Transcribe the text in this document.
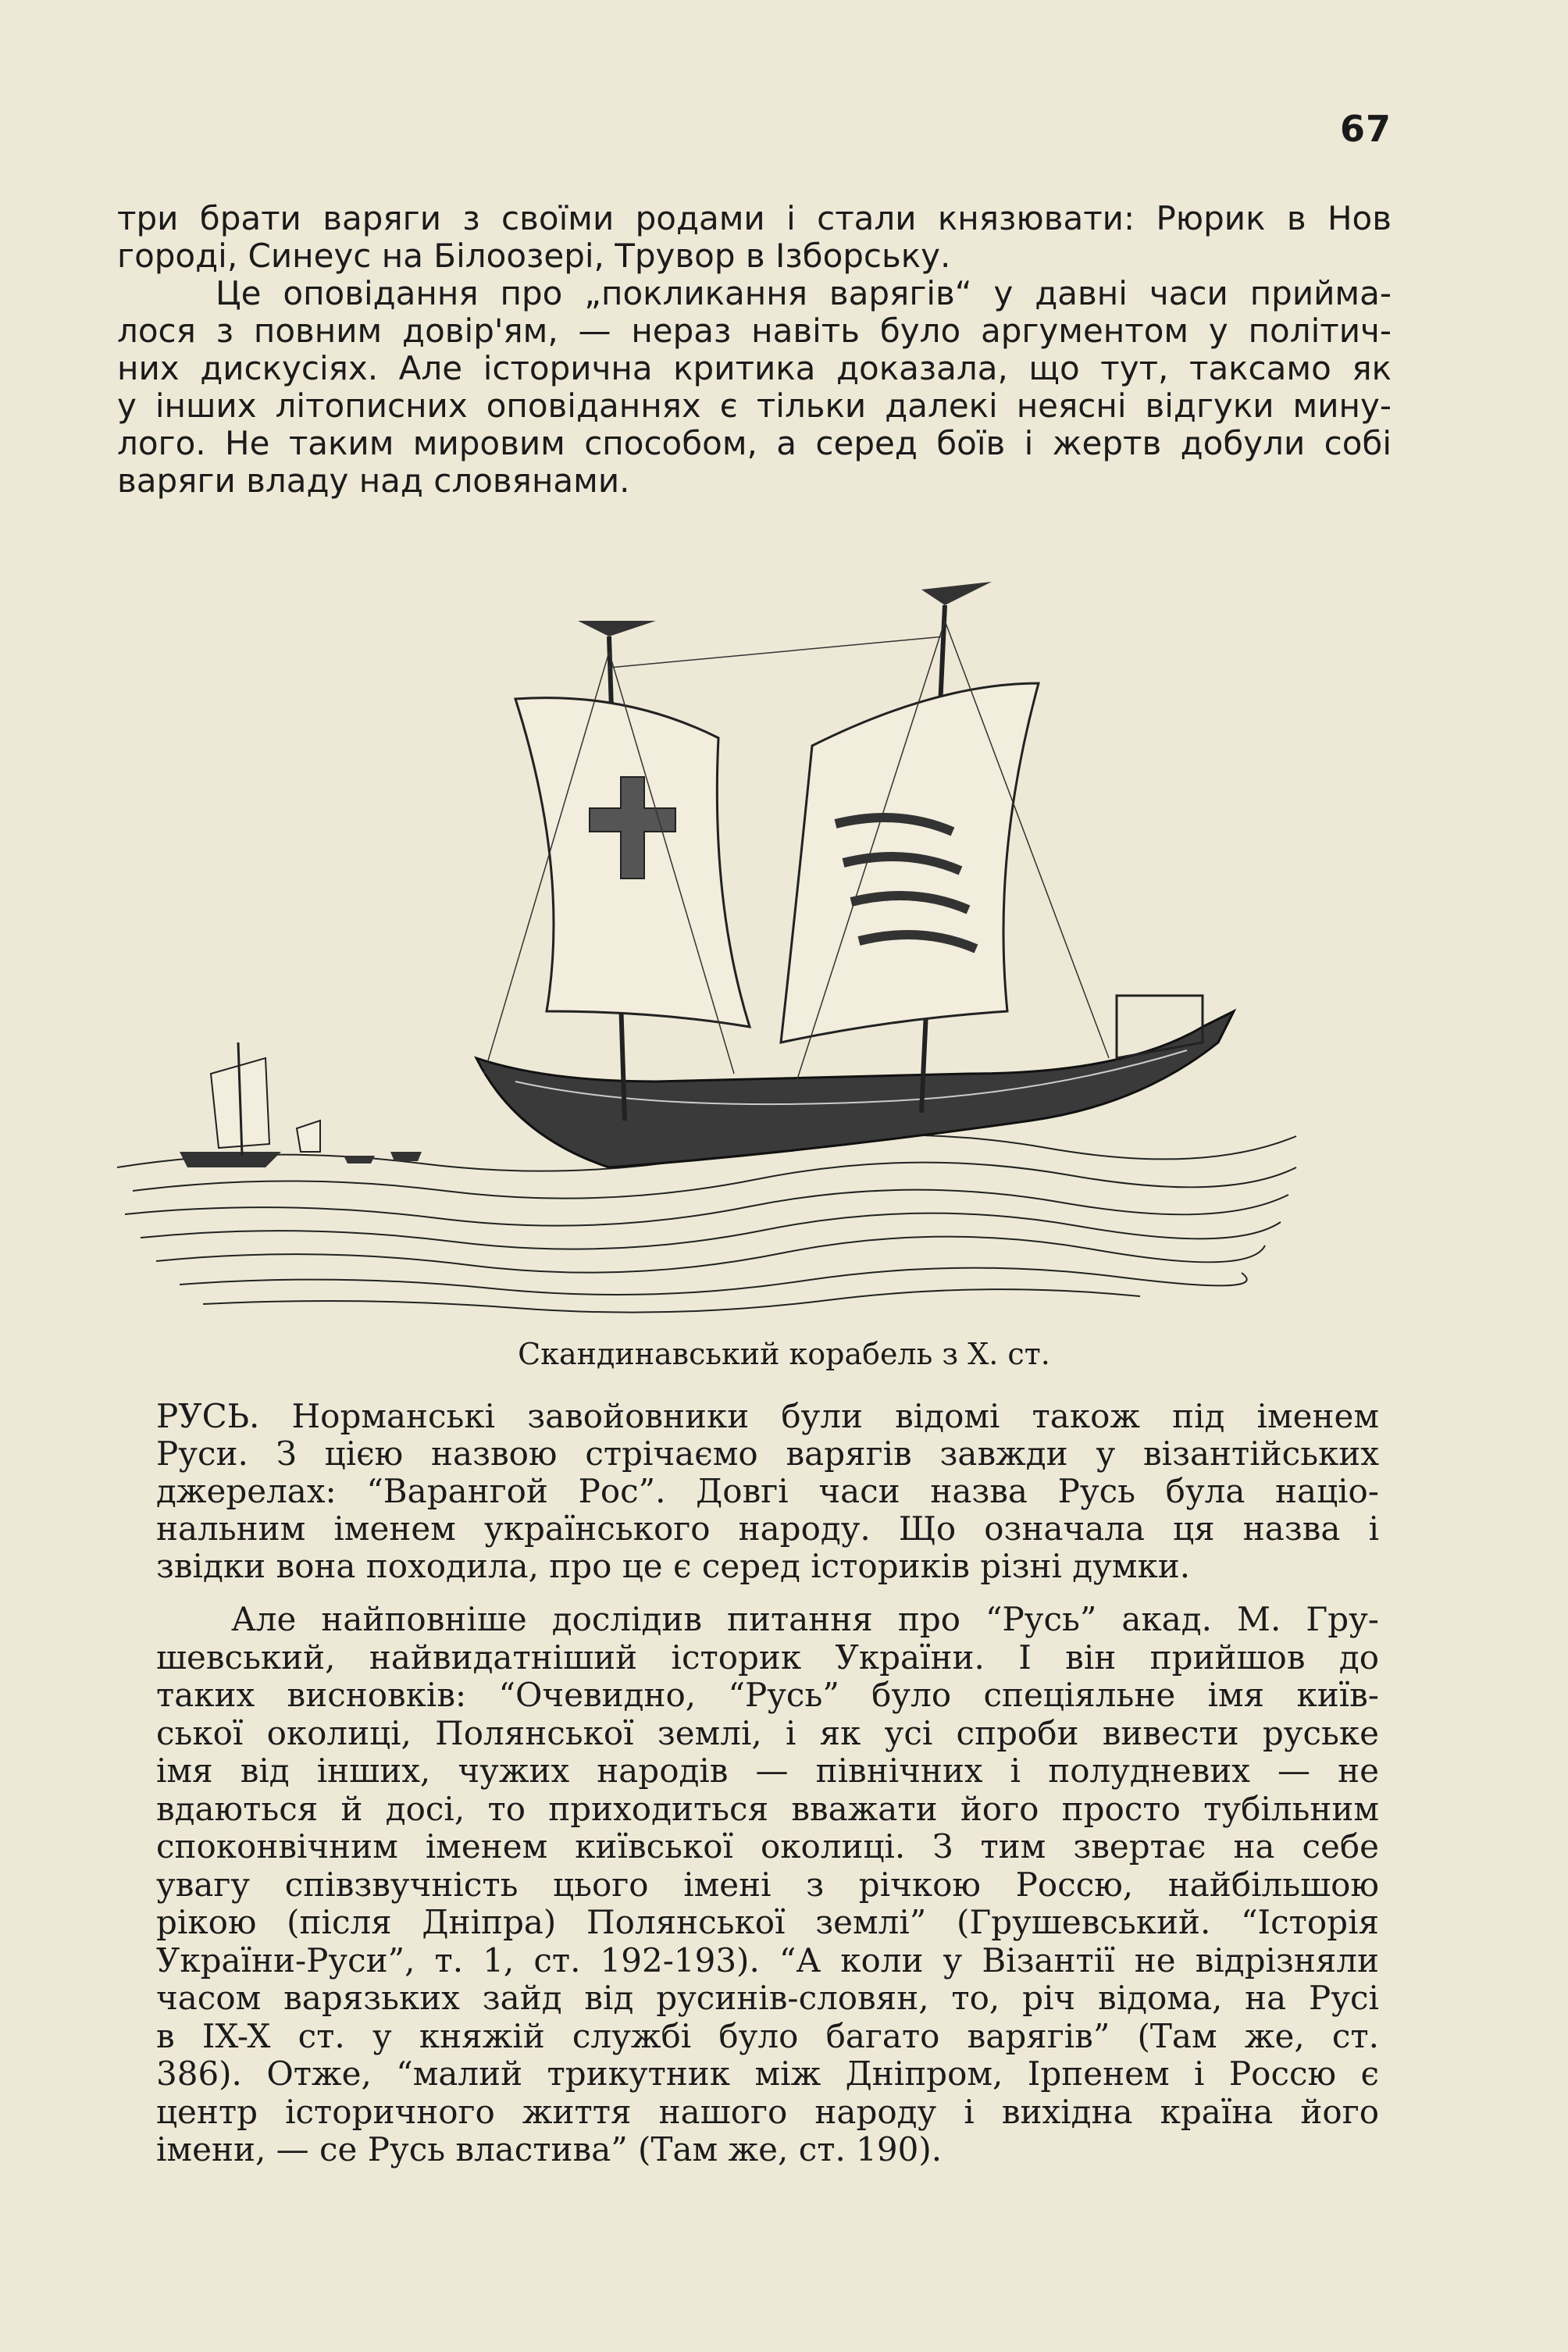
67
три брати варяги з своїми родами і стали князювати: Рюрик в Нов
городі, Синеус на Білоозері, Трувор в Ізборську.
Це оповідання про „покликання варягів“ у давні часи приймa-
лося з повним довір'ям, — нераз навіть було аргументом у політич-
них дискусіях. Але історична критика доказала, що тут, таксамо як
у інших літописних оповіданнях є тільки далекі неясні відгуки мину-
лого. Не таким мировим способом, а серед боїв і жертв добули собі
варяги владу над словянами.
Скандинавський корабель з X. ст.
РУСЬ. Норманські завойовники були відомі також під іменем
Руси. З цією назвою стрічаємо варягів завжди у візантійських
джерелах: “Варангой Рос”. Довгі часи назва Русь була націо-
нальним іменем українського народу. Що означала ця назва і
звідки вона походила, про це є серед істориків різні думки.
Але найповніше дослідив питання про “Русь” акад. М. Гру-
шевський, найвидатніший історик України. І він прийшов до
таких висновків: “Очевидно, “Русь” було спеціяльне імя київ-
ської околиці, Полянської землі, і як усі спроби вивести руське
імя від інших, чужих народів — північних і полудневих — не
вдаються й досі, то приходиться вважати його просто тубільним
споконвічним іменем київської околиці. З тим звертає на себе
увагу співзвучність цього імені з річкою Россю, найбільшою
рікою (після Дніпра) Полянської землі” (Грушевський. “Історія
України-Руси”, т. 1, ст. 192-193). “А коли у Візантії не відрізняли
часом варязьких зайд від русинів-словян, то, річ відома, на Русі
в IX-X ст. у княжій службі було багато варягів” (Там же, ст.
386). Отже, “малий трикутник між Дніпром, Ірпенем і Россю є
центр історичного життя нашого народу і вихідна країна його
імени, — се Русь властива” (Там же, ст. 190).
